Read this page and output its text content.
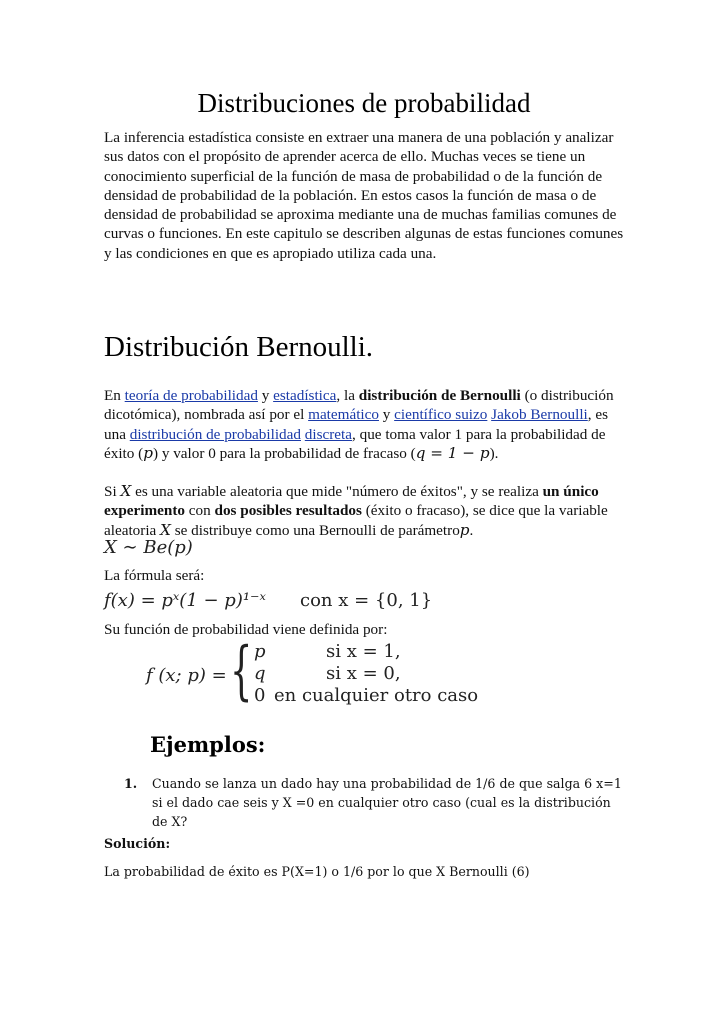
Distribuciones de probabilidad
La inferencia estadística consiste en extraer una manera de una población y analizar sus datos con el propósito de aprender acerca de ello. Muchas veces se tiene un conocimiento superficial de la función de masa de probabilidad o de la función de densidad de probabilidad de la población. En estos casos la función de masa o de densidad de probabilidad se aproxima mediante una de muchas familias comunes de curvas o funciones. En este capitulo se describen algunas de estas funciones comunes y las condiciones en que es apropiado utiliza cada una.
Distribución Bernoulli.
En teoría de probabilidad y estadística, la distribución de Bernoulli (o distribución dicotómica), nombrada así por el matemático y científico suizo Jakob Bernoulli, es una distribución de probabilidad discreta, que toma valor 1 para la probabilidad de éxito (p) y valor 0 para la probabilidad de fracaso (q = 1 − p).
Si X es una variable aleatoria que mide "número de éxitos", y se realiza un único experimento con dos posibles resultados (éxito o fracaso), se dice que la variable aleatoria X se distribuye como una Bernoulli de parámetrop.
X ∼ Be(p)
La fórmula será:
f(x) = pˣ(1 − p)¹⁻ˣ con x = {0, 1}
Su función de probabilidad viene definida por:
f (x; p) = { p	si x = 1,
q	si x = 0,
0 en cualquier otro caso
Ejemplos:
1. Cuando se lanza un dado hay una probabilidad de 1/6 de que salga 6 x=1 si el dado cae seis y X =0 en cualquier otro caso (cual es la distribución de X?
Solución:
La probabilidad de éxito es P(X=1) o 1/6 por lo que X Bernoulli (6)
